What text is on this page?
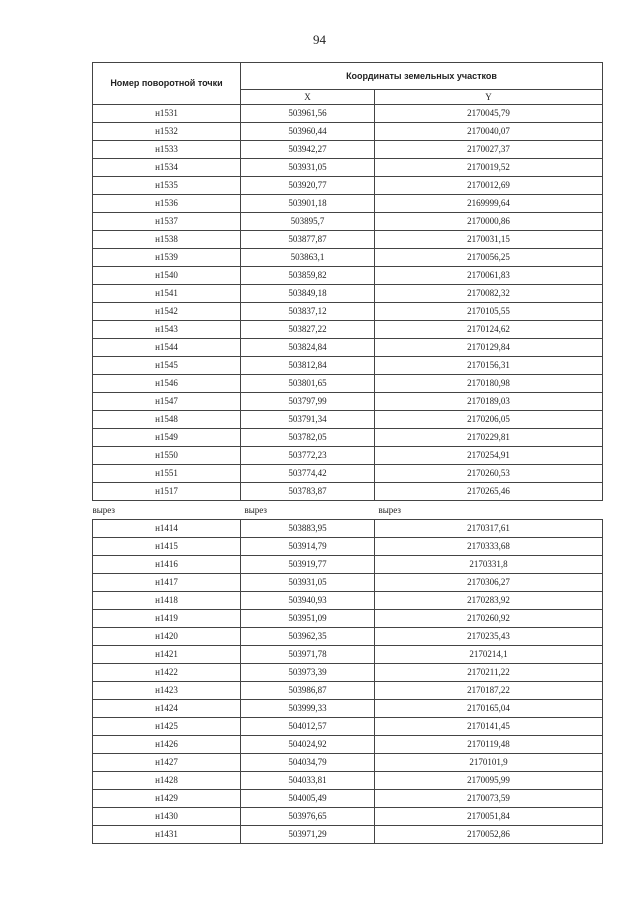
94
Номер поворотной точки	Координаты земельных участков	
	X	Y
н1531	503961,56	2170045,79
н1532	503960,44	2170040,07
н1533	503942,27	2170027,37
н1534	503931,05	2170019,52
н1535	503920,77	2170012,69
н1536	503901,18	2169999,64
н1537	503895,7	2170000,86
н1538	503877,87	2170031,15
н1539	503863,1	2170056,25
н1540	503859,82	2170061,83
н1541	503849,18	2170082,32
н1542	503837,12	2170105,55
н1543	503827,22	2170124,62
н1544	503824,84	2170129,84
н1545	503812,84	2170156,31
н1546	503801,65	2170180,98
н1547	503797,99	2170189,03
н1548	503791,34	2170206,05
н1549	503782,05	2170229,81
н1550	503772,23	2170254,91
н1551	503774,42	2170260,53
н1517	503783,87	2170265,46
вырез	вырез	вырез
н1414	503883,95	2170317,61
н1415	503914,79	2170333,68
н1416	503919,77	2170331,8
н1417	503931,05	2170306,27
н1418	503940,93	2170283,92
н1419	503951,09	2170260,92
н1420	503962,35	2170235,43
н1421	503971,78	2170214,1
н1422	503973,39	2170211,22
н1423	503986,87	2170187,22
н1424	503999,33	2170165,04
н1425	504012,57	2170141,45
н1426	504024,92	2170119,48
н1427	504034,79	2170101,9
н1428	504033,81	2170095,99
н1429	504005,49	2170073,59
н1430	503976,65	2170051,84
н1431	503971,29	2170052,86
